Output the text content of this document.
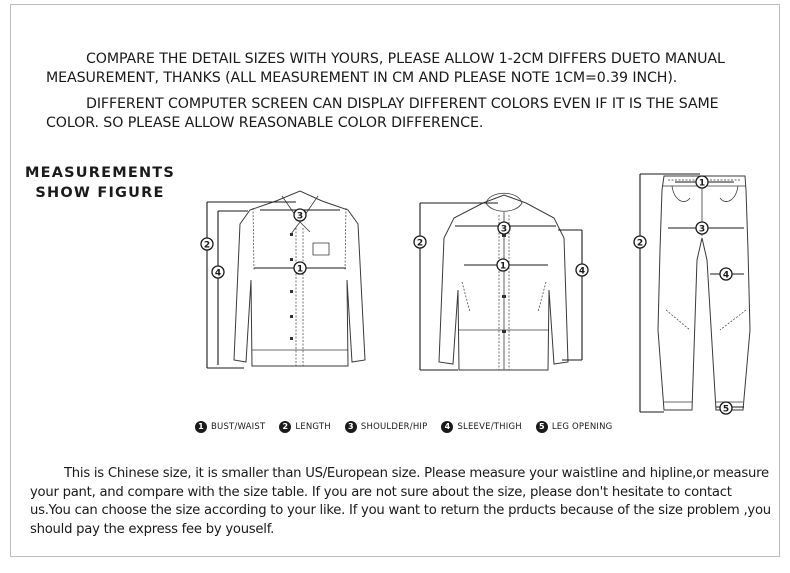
COMPARE THE DETAIL SIZES WITH YOURS, PLEASE ALLOW 1-2CM DIFFERS DUETO MANUAL MEASUREMENT, THANKS (ALL MEASUREMENT IN CM AND PLEASE NOTE 1CM=0.39 INCH).

DIFFERENT COMPUTER SCREEN CAN DISPLAY DIFFERENT COLORS EVEN IF IT IS THE SAME COLOR. SO PLEASE ALLOW REASONABLE COLOR DIFFERENCE.

MEASUREMENTS
SHOW FIGURE
1
2
3
4
1
2
3
4
1
2
3
4
5
1 BUST/WAIST	2 LENGTH	3 SHOULDER/HIP	4 SLEEVE/THIGH	5 LEG OPENING

This is Chinese size, it is smaller than US/European size. Please measure your waistline and hipline,or measure your pant, and compare with the size table. If you are not sure about the size, please don't hesitate to contact us.You can choose the size according to your like. If you want to return the prducts because of the size problem ,you should pay the express fee by youself.
